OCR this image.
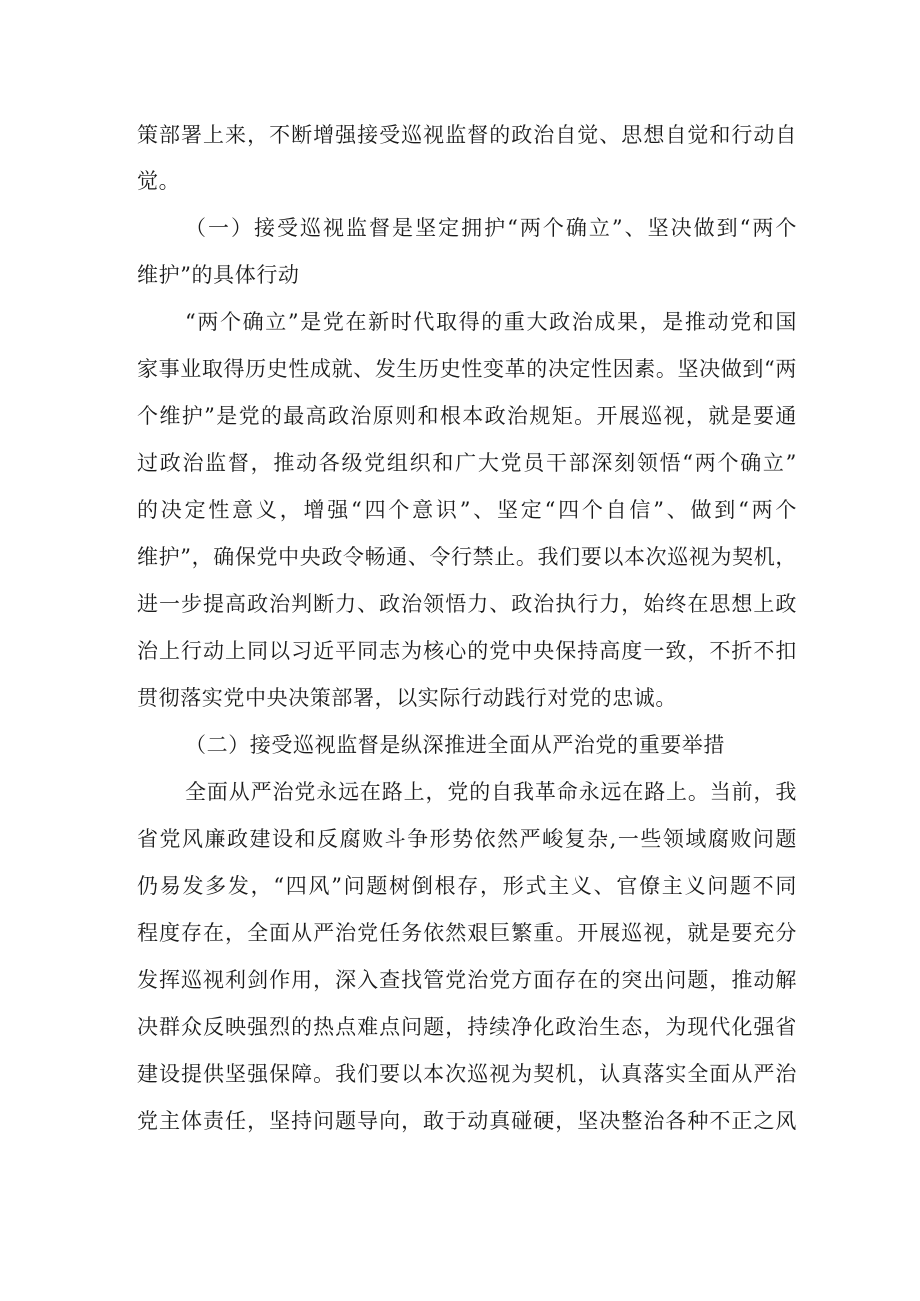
策部署上来，不断增强接受巡视监督的政治自觉、思想自觉和行动自
觉。
（一）接受巡视监督是坚定拥护“两个确立”、坚决做到“两个
维护”的具体行动
“两个确立”是党在新时代取得的重大政治成果，是推动党和国
家事业取得历史性成就、发生历史性变革的决定性因素。坚决做到“两
个维护”是党的最高政治原则和根本政治规矩。开展巡视，就是要通
过政治监督，推动各级党组织和广大党员干部深刻领悟“两个确立”
的决定性意义，增强“四个意识”、坚定“四个自信”、做到“两个
维护”，确保党中央政令畅通、令行禁止。我们要以本次巡视为契机，
进一步提高政治判断力、政治领悟力、政治执行力，始终在思想上政
治上行动上同以习近平同志为核心的党中央保持高度一致，不折不扣
贯彻落实党中央决策部署，以实际行动践行对党的忠诚。
（二）接受巡视监督是纵深推进全面从严治党的重要举措
全面从严治党永远在路上，党的自我革命永远在路上。当前，我
省党风廉政建设和反腐败斗争形势依然严峻复杂,一些领域腐败问题
仍易发多发，“四风”问题树倒根存，形式主义、官僚主义问题不同
程度存在，全面从严治党任务依然艰巨繁重。开展巡视，就是要充分
发挥巡视利剑作用，深入查找管党治党方面存在的突出问题，推动解
决群众反映强烈的热点难点问题，持续净化政治生态，为现代化强省
建设提供坚强保障。我们要以本次巡视为契机，认真落实全面从严治
党主体责任，坚持问题导向，敢于动真碰硬，坚决整治各种不正之风
